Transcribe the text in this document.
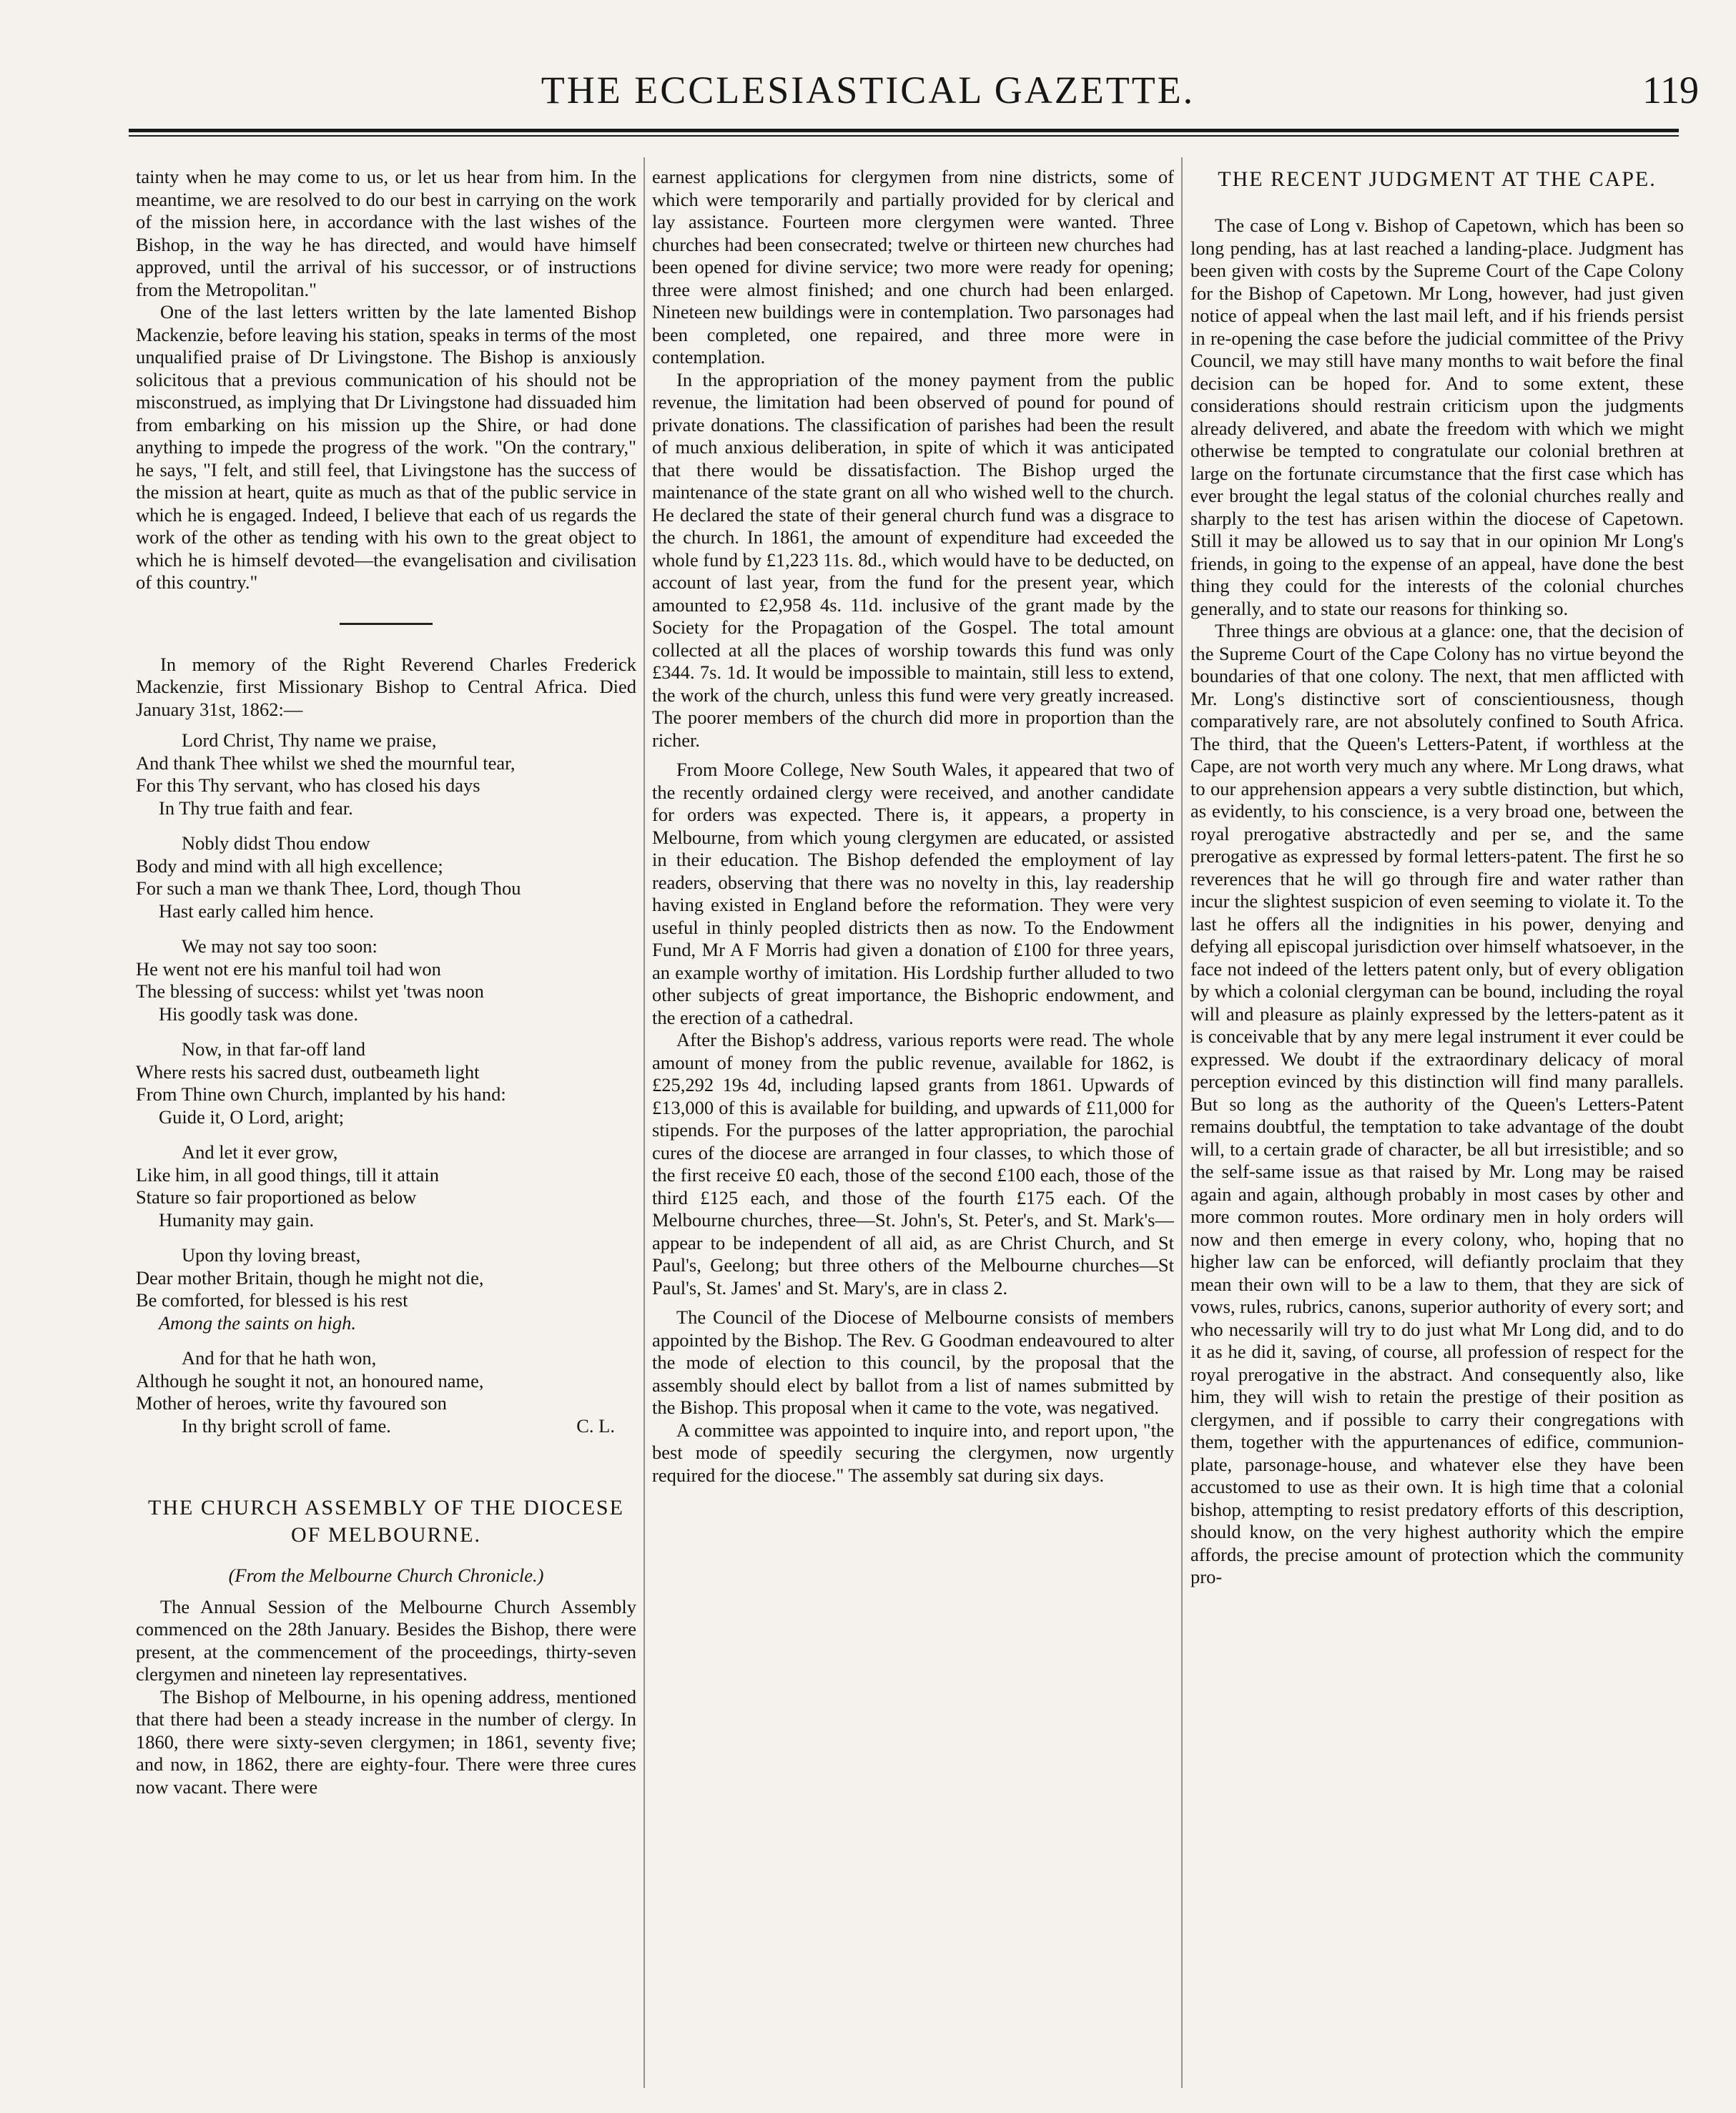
THE ECCLESIASTICAL GAZETTE.	119

tainty when he may come to us, or let us hear from him. In the meantime, we are resolved to do our best in carrying on the work of the mission here, in accordance with the last wishes of the Bishop, in the way he has directed, and would have himself approved, until the arrival of his successor, or of instructions from the Metropolitan."

One of the last letters written by the late lamented Bishop Mackenzie, before leaving his station, speaks in terms of the most unqualified praise of Dr Livingstone. The Bishop is anxiously solicitous that a previous communication of his should not be misconstrued, as implying that Dr Livingstone had dissuaded him from embarking on his mission up the Shire, or had done anything to impede the progress of the work. "On the contrary," he says, "I felt, and still feel, that Livingstone has the success of the mission at heart, quite as much as that of the public service in which he is engaged. Indeed, I believe that each of us regards the work of the other as tending with his own to the great object to which he is himself devoted—the evangelisation and civilisation of this country."

In memory of the Right Reverend Charles Frederick Mackenzie, first Missionary Bishop to Central Africa. Died January 31st, 1862:—

Lord Christ, Thy name we praise,
And thank Thee whilst we shed the mournful tear,
For this Thy servant, who has closed his days
In Thy true faith and fear.
Nobly didst Thou endow
Body and mind with all high excellence;
For such a man we thank Thee, Lord, though Thou
Hast early called him hence.
We may not say too soon:
He went not ere his manful toil had won
The blessing of success: whilst yet 'twas noon
His goodly task was done.
Now, in that far-off land
Where rests his sacred dust, outbeameth light
From Thine own Church, implanted by his hand:
Guide it, O Lord, aright;
And let it ever grow,
Like him, in all good things, till it attain
Stature so fair proportioned as below
Humanity may gain.
Upon thy loving breast,
Dear mother Britain, though he might not die,
Be comforted, for blessed is his rest
Among the saints on high.
And for that he hath won,
Although he sought it not, an honoured name,
Mother of heroes, write thy favoured son
In thy bright scroll of fame.	C. L.
THE CHURCH ASSEMBLY OF THE DIOCESE OF MELBOURNE.
(From the Melbourne Church Chronicle.)

The Annual Session of the Melbourne Church Assembly commenced on the 28th January. Besides the Bishop, there were present, at the commencement of the proceedings, thirty-seven clergymen and nineteen lay representatives.

The Bishop of Melbourne, in his opening address, mentioned that there had been a steady increase in the number of clergy. In 1860, there were sixty-seven clergymen; in 1861, seventy five; and now, in 1862, there are eighty-four. There were three cures now vacant. There were

earnest applications for clergymen from nine districts, some of which were temporarily and partially provided for by clerical and lay assistance. Fourteen more clergymen were wanted. Three churches had been consecrated; twelve or thirteen new churches had been opened for divine service; two more were ready for opening; three were almost finished; and one church had been enlarged. Nineteen new buildings were in contemplation. Two parsonages had been completed, one repaired, and three more were in contemplation.

In the appropriation of the money payment from the public revenue, the limitation had been observed of pound for pound of private donations. The classification of parishes had been the result of much anxious deliberation, in spite of which it was anticipated that there would be dissatisfaction. The Bishop urged the maintenance of the state grant on all who wished well to the church. He declared the state of their general church fund was a disgrace to the church. In 1861, the amount of expenditure had exceeded the whole fund by £1,223 11s. 8d., which would have to be deducted, on account of last year, from the fund for the present year, which amounted to £2,958 4s. 11d. inclusive of the grant made by the Society for the Propagation of the Gospel. The total amount collected at all the places of worship towards this fund was only £344. 7s. 1d. It would be impossible to maintain, still less to extend, the work of the church, unless this fund were very greatly increased. The poorer members of the church did more in proportion than the richer.

From Moore College, New South Wales, it appeared that two of the recently ordained clergy were received, and another candidate for orders was expected. There is, it appears, a property in Melbourne, from which young clergymen are educated, or assisted in their education. The Bishop defended the employment of lay readers, observing that there was no novelty in this, lay readership having existed in England before the reformation. They were very useful in thinly peopled districts then as now. To the Endowment Fund, Mr A F Morris had given a donation of £100 for three years, an example worthy of imitation. His Lordship further alluded to two other subjects of great importance, the Bishopric endowment, and the erection of a cathedral.

After the Bishop's address, various reports were read. The whole amount of money from the public revenue, available for 1862, is £25,292 19s 4d, including lapsed grants from 1861. Upwards of £13,000 of this is available for building, and upwards of £11,000 for stipends. For the purposes of the latter appropriation, the parochial cures of the diocese are arranged in four classes, to which those of the first receive £0 each, those of the second £100 each, those of the third £125 each, and those of the fourth £175 each. Of the Melbourne churches, three—St. John's, St. Peter's, and St. Mark's—appear to be independent of all aid, as are Christ Church, and St Paul's, Geelong; but three others of the Melbourne churches—St Paul's, St. James' and St. Mary's, are in class 2.

The Council of the Diocese of Melbourne consists of members appointed by the Bishop. The Rev. G Goodman endeavoured to alter the mode of election to this council, by the proposal that the assembly should elect by ballot from a list of names submitted by the Bishop. This proposal when it came to the vote, was negatived.

A committee was appointed to inquire into, and report upon, "the best mode of speedily securing the clergymen, now urgently required for the diocese." The assembly sat during six days.

THE RECENT JUDGMENT AT THE CAPE.

The case of Long v. Bishop of Capetown, which has been so long pending, has at last reached a landing-place. Judgment has been given with costs by the Supreme Court of the Cape Colony for the Bishop of Capetown. Mr Long, however, had just given notice of appeal when the last mail left, and if his friends persist in re-opening the case before the judicial committee of the Privy Council, we may still have many months to wait before the final decision can be hoped for. And to some extent, these considerations should restrain criticism upon the judgments already delivered, and abate the freedom with which we might otherwise be tempted to congratulate our colonial brethren at large on the fortunate circumstance that the first case which has ever brought the legal status of the colonial churches really and sharply to the test has arisen within the diocese of Capetown. Still it may be allowed us to say that in our opinion Mr Long's friends, in going to the expense of an appeal, have done the best thing they could for the interests of the colonial churches generally, and to state our reasons for thinking so.

Three things are obvious at a glance: one, that the decision of the Supreme Court of the Cape Colony has no virtue beyond the boundaries of that one colony. The next, that men afflicted with Mr. Long's distinctive sort of conscientiousness, though comparatively rare, are not absolutely confined to South Africa. The third, that the Queen's Letters-Patent, if worthless at the Cape, are not worth very much any where. Mr Long draws, what to our apprehension appears a very subtle distinction, but which, as evidently, to his conscience, is a very broad one, between the royal prerogative abstractedly and per se, and the same prerogative as expressed by formal letters-patent. The first he so reverences that he will go through fire and water rather than incur the slightest suspicion of even seeming to violate it. To the last he offers all the indignities in his power, denying and defying all episcopal jurisdiction over himself whatsoever, in the face not indeed of the letters patent only, but of every obligation by which a colonial clergyman can be bound, including the royal will and pleasure as plainly expressed by the letters-patent as it is conceivable that by any mere legal instrument it ever could be expressed. We doubt if the extraordinary delicacy of moral perception evinced by this distinction will find many parallels. But so long as the authority of the Queen's Letters-Patent remains doubtful, the temptation to take advantage of the doubt will, to a certain grade of character, be all but irresistible; and so the self-same issue as that raised by Mr. Long may be raised again and again, although probably in most cases by other and more common routes. More ordinary men in holy orders will now and then emerge in every colony, who, hoping that no higher law can be enforced, will defiantly proclaim that they mean their own will to be a law to them, that they are sick of vows, rules, rubrics, canons, superior authority of every sort; and who necessarily will try to do just what Mr Long did, and to do it as he did it, saving, of course, all profession of respect for the royal prerogative in the abstract. And consequently also, like him, they will wish to retain the prestige of their position as clergymen, and if possible to carry their congregations with them, together with the appurtenances of edifice, communion-plate, parsonage-house, and whatever else they have been accustomed to use as their own. It is high time that a colonial bishop, attempting to resist predatory efforts of this description, should know, on the very highest authority which the empire affords, the precise amount of protection which the community pro-
